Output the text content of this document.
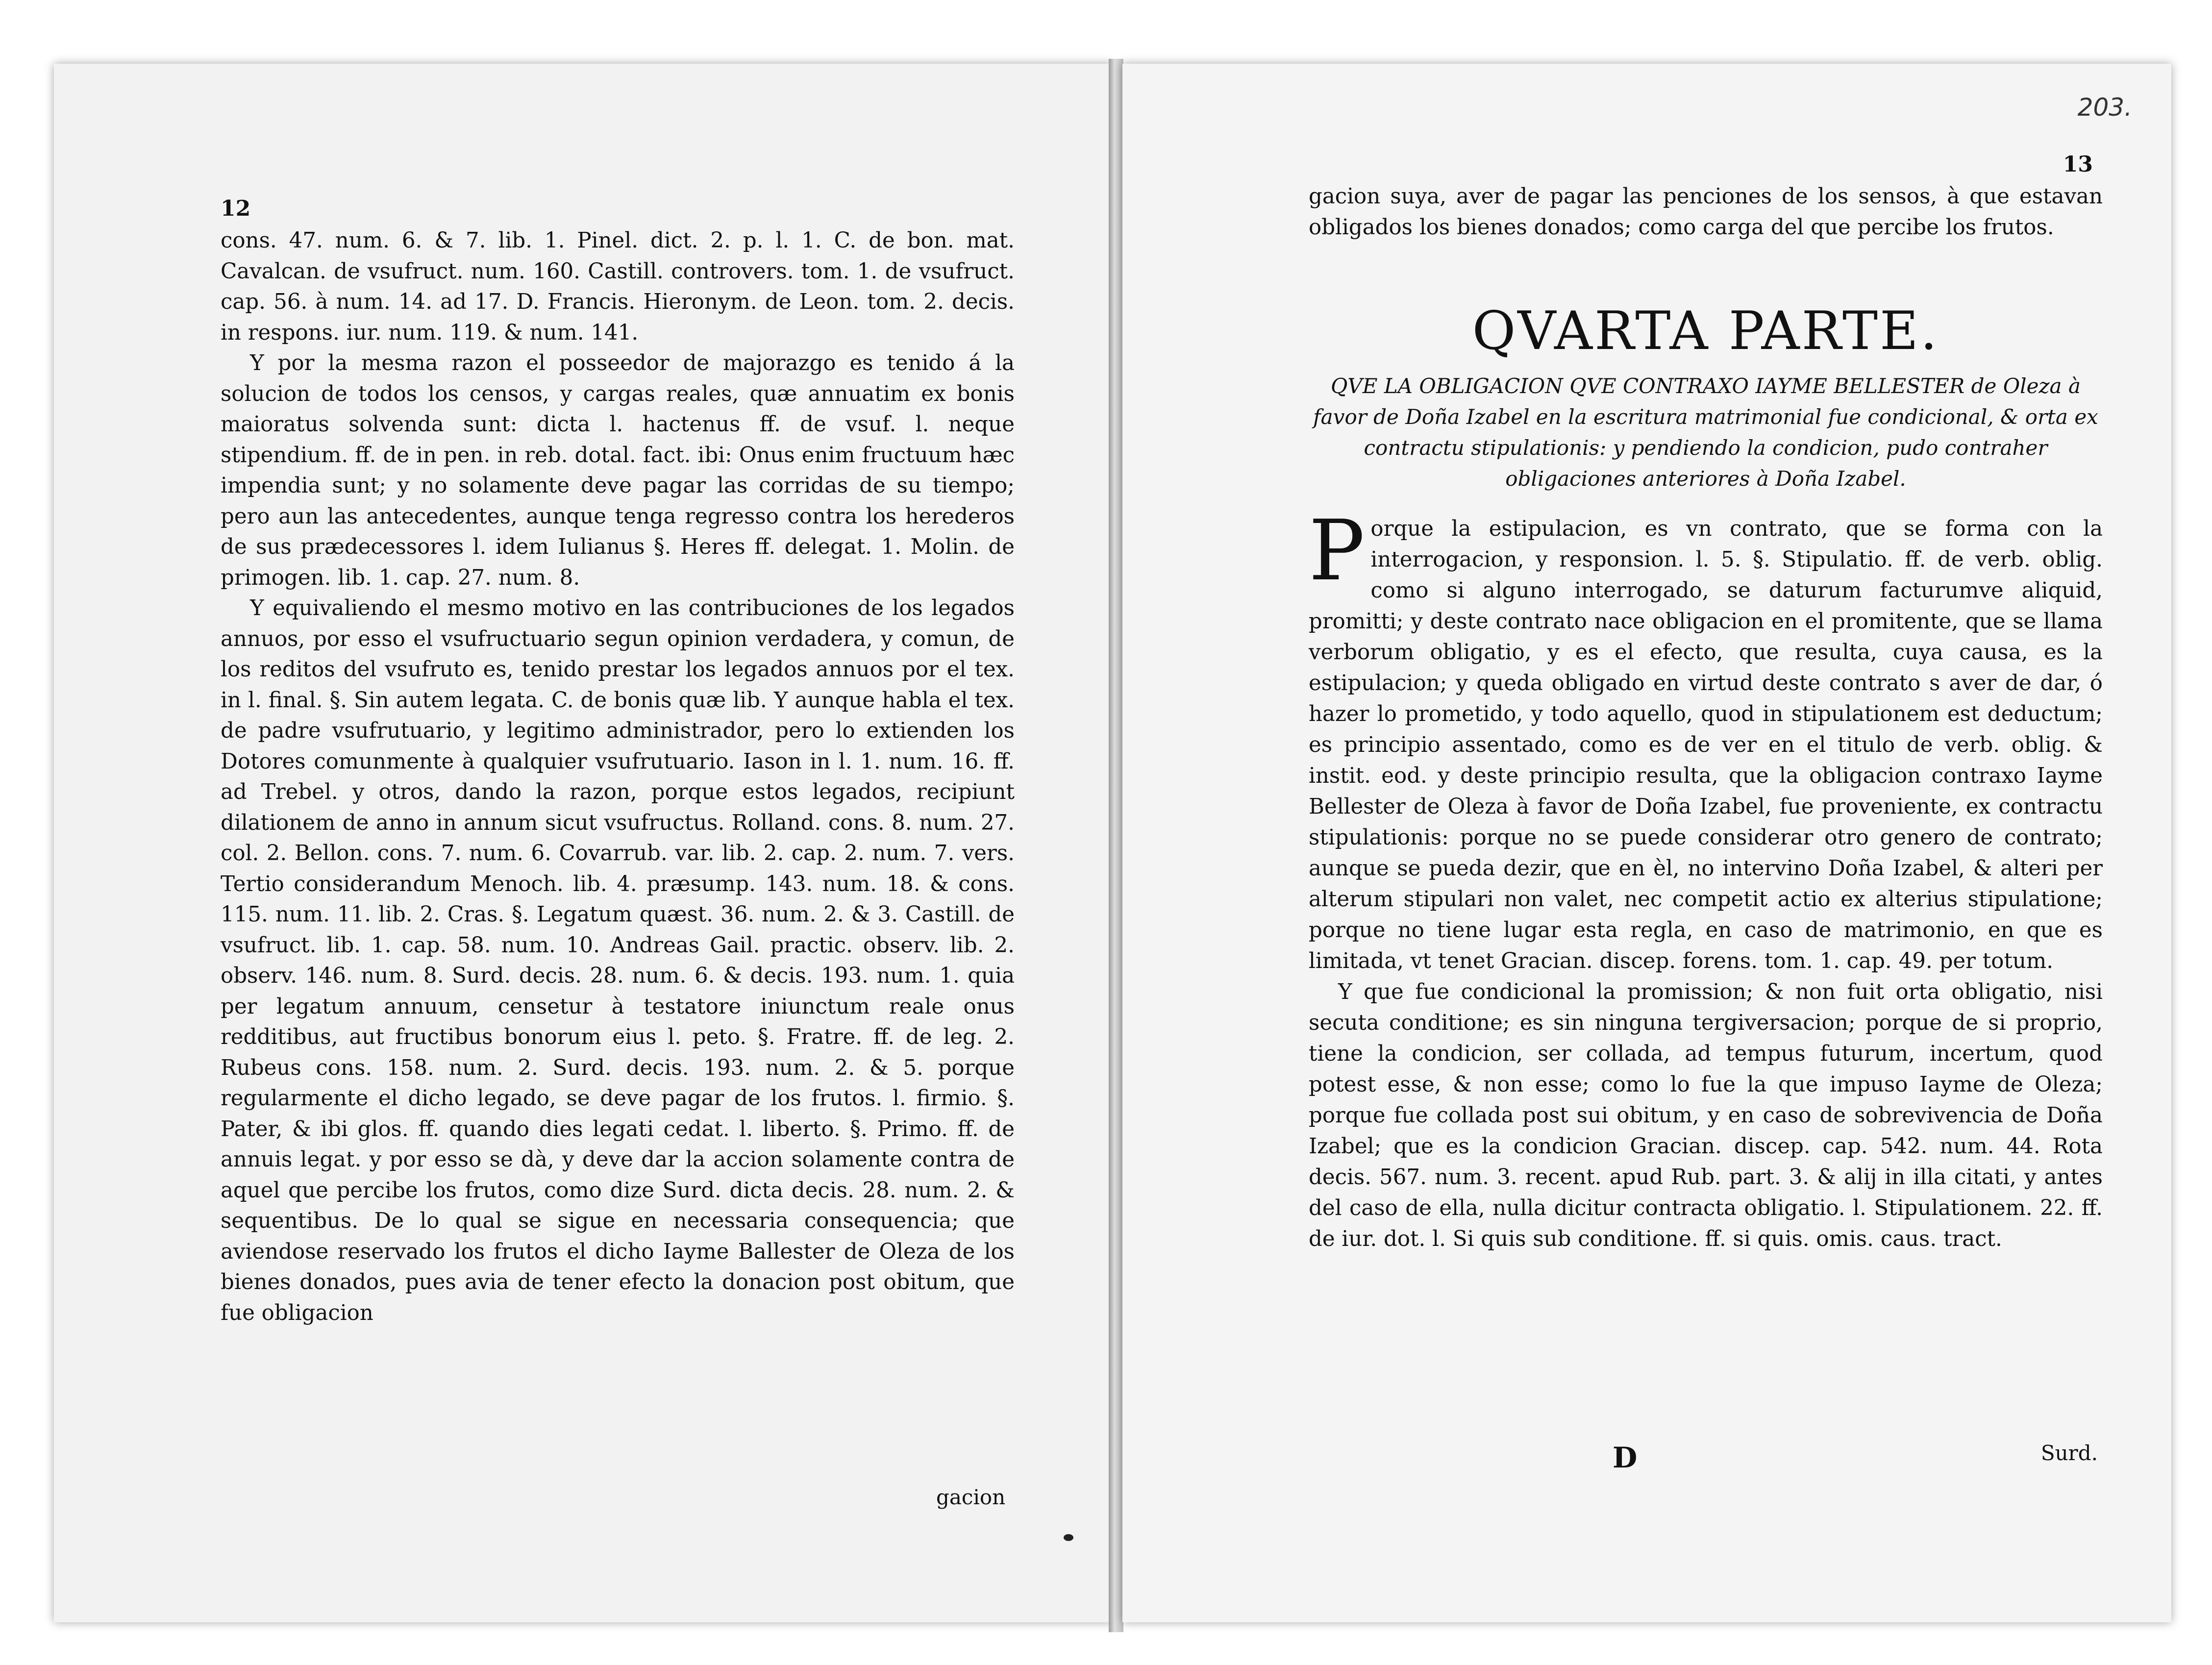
12

cons. 47. num. 6. & 7. lib. 1. Pinel. dict. 2. p. l. 1. C. de bon. mat. Cavalcan. de vsufruct. num. 160. Castill. controvers. tom. 1. de vsufruct. cap. 56. à num. 14. ad 17. D. Francis. Hieronym. de Leon. tom. 2. decis. in respons. iur. num. 119. & num. 141.

Y por la mesma razon el posseedor de majorazgo es tenido á la solucion de todos los censos, y cargas reales, quæ annuatim ex bonis maioratus solvenda sunt: dicta l. hactenus ff. de vsuf. l. neque stipendium. ff. de in pen. in reb. dotal. fact. ibi: Onus enim fructuum hæc impendia sunt; y no solamente deve pagar las corridas de su tiempo; pero aun las antecedentes, aunque tenga regresso contra los herederos de sus prædecessores l. idem Iulianus §. Heres ff. delegat. 1. Molin. de primogen. lib. 1. cap. 27. num. 8.

Y equivaliendo el mesmo motivo en las contribuciones de los legados annuos, por esso el vsufructuario segun opinion verdadera, y comun, de los reditos del vsufruto es, tenido prestar los legados annuos por el tex. in l. final. §. Sin autem legata. C. de bonis quæ lib. Y aunque habla el tex. de padre vsufrutuario, y legitimo administrador, pero lo extienden los Dotores comunmente à qualquier vsufrutuario. Iason in l. 1. num. 16. ff. ad Trebel. y otros, dando la razon, porque estos legados, recipiunt dilationem de anno in annum sicut vsufructus. Rolland. cons. 8. num. 27. col. 2. Bellon. cons. 7. num. 6. Covarrub. var. lib. 2. cap. 2. num. 7. vers. Tertio considerandum Menoch. lib. 4. præsump. 143. num. 18. & cons. 115. num. 11. lib. 2. Cras. §. Legatum quæst. 36. num. 2. & 3. Castill. de vsufruct. lib. 1. cap. 58. num. 10. Andreas Gail. practic. observ. lib. 2. observ. 146. num. 8. Surd. decis. 28. num. 6. & decis. 193. num. 1. quia per legatum annuum, censetur à testatore iniunctum reale onus redditibus, aut fructibus bonorum eius l. peto. §. Fratre. ff. de leg. 2. Rubeus cons. 158. num. 2. Surd. decis. 193. num. 2. & 5. porque regularmente el dicho legado, se deve pagar de los frutos. l. firmio. §. Pater, & ibi glos. ff. quando dies legati cedat. l. liberto. §. Primo. ff. de annuis legat. y por esso se dà, y deve dar la accion solamente contra de aquel que percibe los frutos, como dize Surd. dicta decis. 28. num. 2. & sequentibus. De lo qual se sigue en necessaria consequencia; que aviendose reservado los frutos el dicho Iayme Ballester de Oleza de los bienes donados, pues avia de tener efecto la donacion post obitum, que fue obligacion

gacion
203.
13

gacion suya, aver de pagar las penciones de los sensos, à que estavan obligados los bienes donados; como carga del que percibe los frutos.

QVARTA PARTE.

QVE LA OBLIGACION QVE CONTRAXO IAYME BELLESTER de Oleza à favor de Doña Izabel en la escritura matrimonial fue condicional, & orta ex contractu stipulationis: y pendiendo la condicion, pudo contraher obligaciones anteriores à Doña Izabel.

Porque la estipulacion, es vn contrato, que se forma con la interrogacion, y responsion. l. 5. §. Stipulatio. ff. de verb. oblig. como si alguno interrogado, se daturum facturumve aliquid, promitti; y deste contrato nace obligacion en el promitente, que se llama verborum obligatio, y es el efecto, que resulta, cuya causa, es la estipulacion; y queda obligado en virtud deste contrato s aver de dar, ó hazer lo prometido, y todo aquello, quod in stipulationem est deductum; es principio assentado, como es de ver en el titulo de verb. oblig. & instit. eod. y deste principio resulta, que la obligacion contraxo Iayme Bellester de Oleza à favor de Doña Izabel, fue proveniente, ex contractu stipulationis: porque no se puede considerar otro genero de contrato; aunque se pueda dezir, que en èl, no intervino Doña Izabel, & alteri per alterum stipulari non valet, nec competit actio ex alterius stipulatione; porque no tiene lugar esta regla, en caso de matrimonio, en que es limitada, vt tenet Gracian. discep. forens. tom. 1. cap. 49. per totum.

Y que fue condicional la promission; & non fuit orta obligatio, nisi secuta conditione; es sin ninguna tergiversacion; porque de si proprio, tiene la condicion, ser collada, ad tempus futurum, incertum, quod potest esse, & non esse; como lo fue la que impuso Iayme de Oleza; porque fue collada post sui obitum, y en caso de sobrevivencia de Doña Izabel; que es la condicion Gracian. discep. cap. 542. num. 44. Rota decis. 567. num. 3. recent. apud Rub. part. 3. & alij in illa citati, y antes del caso de ella, nulla dicitur contracta obligatio. l. Stipulationem. 22. ff. de iur. dot. l. Si quis sub conditione. ff. si quis. omis. caus. tract.

D	Surd.
